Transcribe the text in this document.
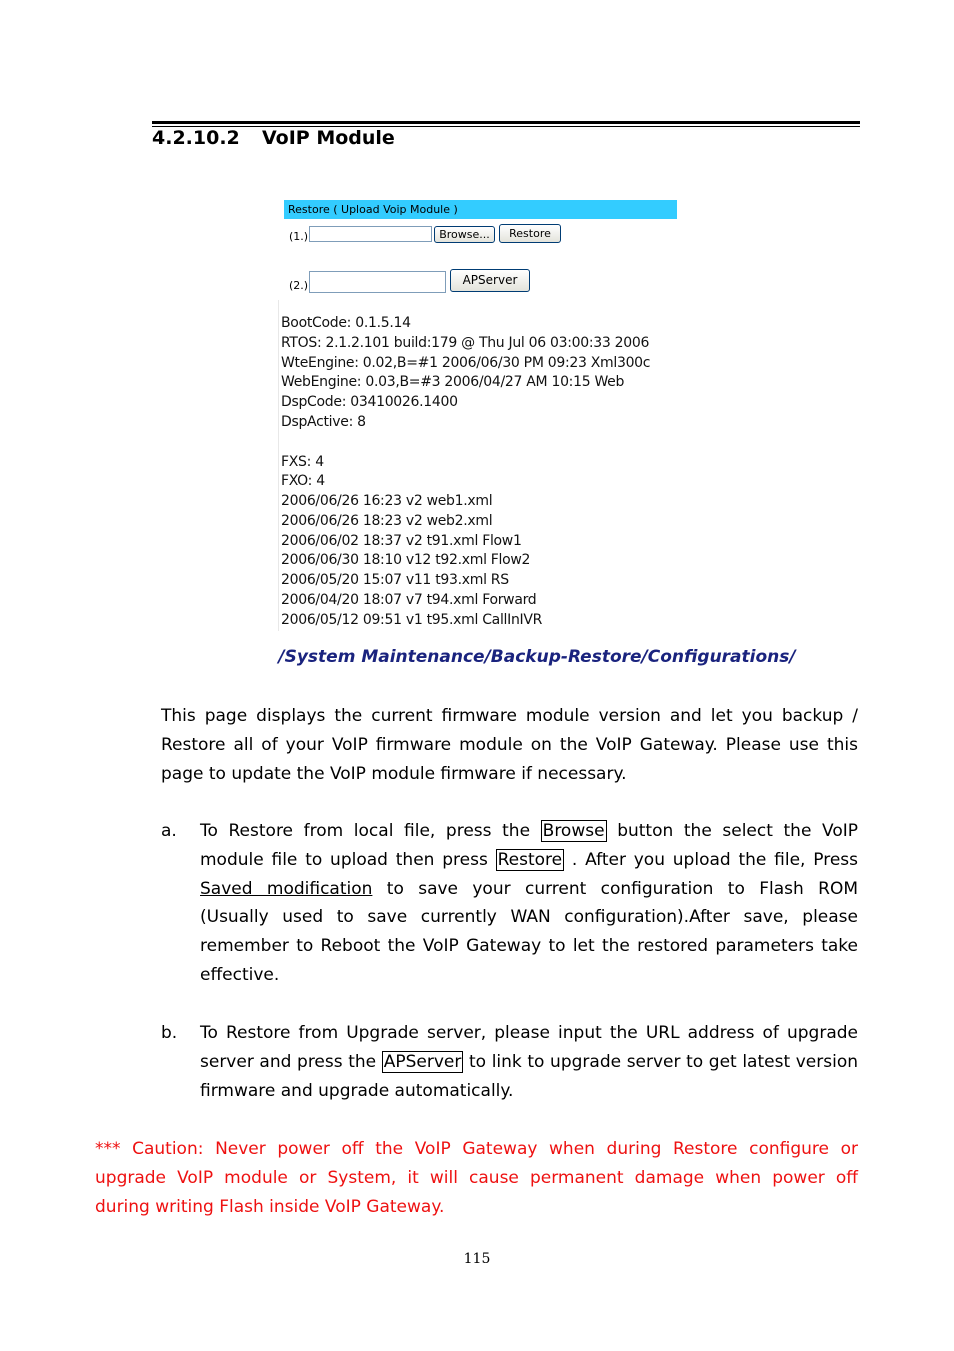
4.2.10.2 VoIP Module
Restore ( Upload Voip Module )
(1.)	Browse...	Restore
(2.)	APServer
BootCode: 0.1.5.14
RTOS: 2.1.2.101 build:179 @ Thu Jul 06 03:00:33 2006
WteEngine: 0.02,B=#1 2006/06/30 PM 09:23 Xml300c
WebEngine: 0.03,B=#3 2006/04/27 AM 10:15 Web
DspCode: 03410026.1400
DspActive: 8
FXS: 4
FXO: 4
2006/06/26 16:23 v2 web1.xml
2006/06/26 18:23 v2 web2.xml
2006/06/02 18:37 v2 t91.xml Flow1
2006/06/30 18:10 v12 t92.xml Flow2
2006/05/20 15:07 v11 t93.xml RS
2006/04/20 18:07 v7 t94.xml Forward
2006/05/12 09:51 v1 t95.xml CallInIVR
/System Maintenance/Backup-Restore/Configurations/
This page displays the current firmware module version and let you backup /
Restore all of your VoIP firmware module on the VoIP Gateway. Please use this
page to update the VoIP module firmware if necessary.
a. To Restore from local file, press the Browse button the select the VoIP
module file to upload then press Restore . After you upload the file, Press
Saved modification to save your current configuration to Flash ROM
(Usually used to save currently WAN configuration).After save, please
remember to Reboot the VoIP Gateway to let the restored parameters take
effective.
b. To Restore from Upgrade server, please input the URL address of upgrade
server and press the APServer to link to upgrade server to get latest version
firmware and upgrade automatically.
*** Caution: Never power off the VoIP Gateway when during Restore configure or
upgrade VoIP module or System, it will cause permanent damage when power off
during writing Flash inside VoIP Gateway.
115
